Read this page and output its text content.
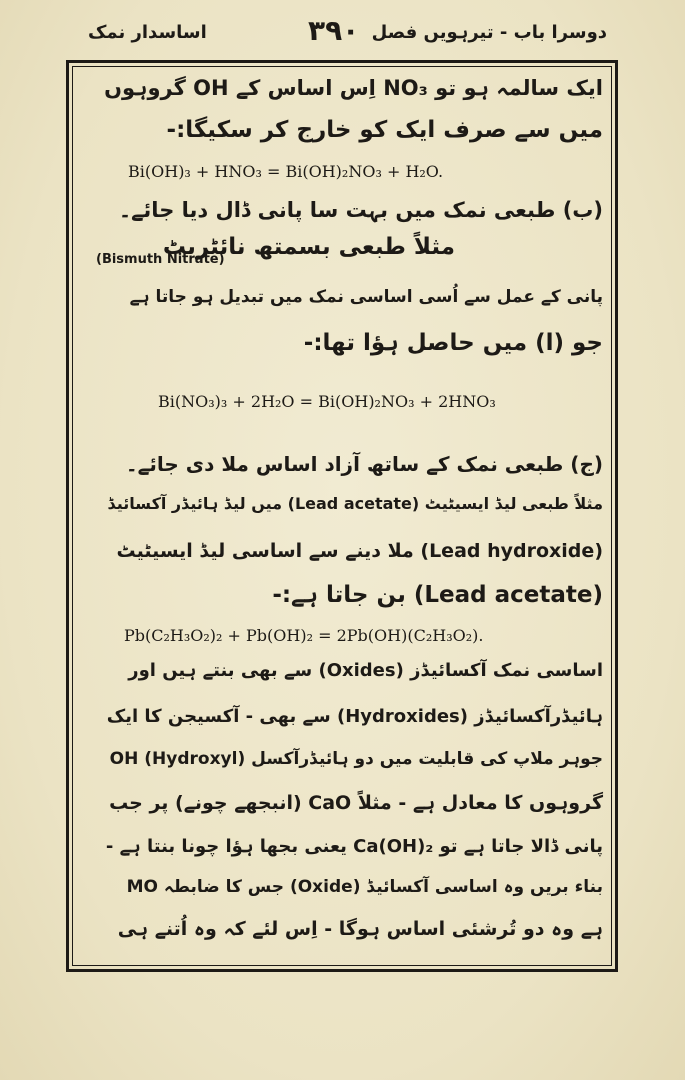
اساسدار نمک	۳۹۰ دوسرا باب - تیرہویں فصل
ایک سالمہ ہو تو NO₃ اِس اساس کے OH گروہوں
میں سے صرف ایک کو خارج کر سکیگا:-
Bi(OH)₃ + HNO₃ = Bi(OH)₂NO₃ + H₂O.
(ب) طبعی نمک میں بہت سا پانی ڈال دیا جائے۔
مثلاً طبعی بسمتھ نائٹریٹ
(Bismuth Nitrate)
پانی کے عمل سے اُسی اساسی نمک میں تبدیل ہو جاتا ہے
جو (ا) میں حاصل ہؤا تھا:-
Bi(NO₃)₃ + 2H₂O = Bi(OH)₂NO₃ + 2HNO₃
(ج) طبعی نمک کے ساتھ آزاد اساس ملا دی جائے۔
مثلاً طبعی لیڈ ایسیٹیٹ (Lead acetate) میں لیڈ ہائیڈر آکسائیڈ
(Lead hydroxide) ملا دینے سے اساسی لیڈ ایسیٹیٹ
(Lead acetate) بن جاتا ہے:-
Pb(C₂H₃O₂)₂ + Pb(OH)₂ = 2Pb(OH)(C₂H₃O₂).
اساسی نمک آکسائیڈز (Oxides) سے بھی بنتے ہیں اور
ہائیڈرآکسائیڈز (Hydroxides) سے بھی - آکسیجن کا ایک
جوہر ملاپ کی قابلیت میں دو ہائیڈرآکسل OH (Hydroxyl)
گروہوں کا معادل ہے - مثلاً CaO (انبجھے چونے) پر جب
پانی ڈالا جاتا ہے تو Ca(OH)₂ یعنی بجھا ہؤا چونا بنتا ہے -
بناء بریں وہ اساسی آکسائیڈ (Oxide) جس کا ضابطہ MO
ہے وہ دو تُرشئی اساس ہوگا - اِس لئے کہ وہ اُتنے ہی
